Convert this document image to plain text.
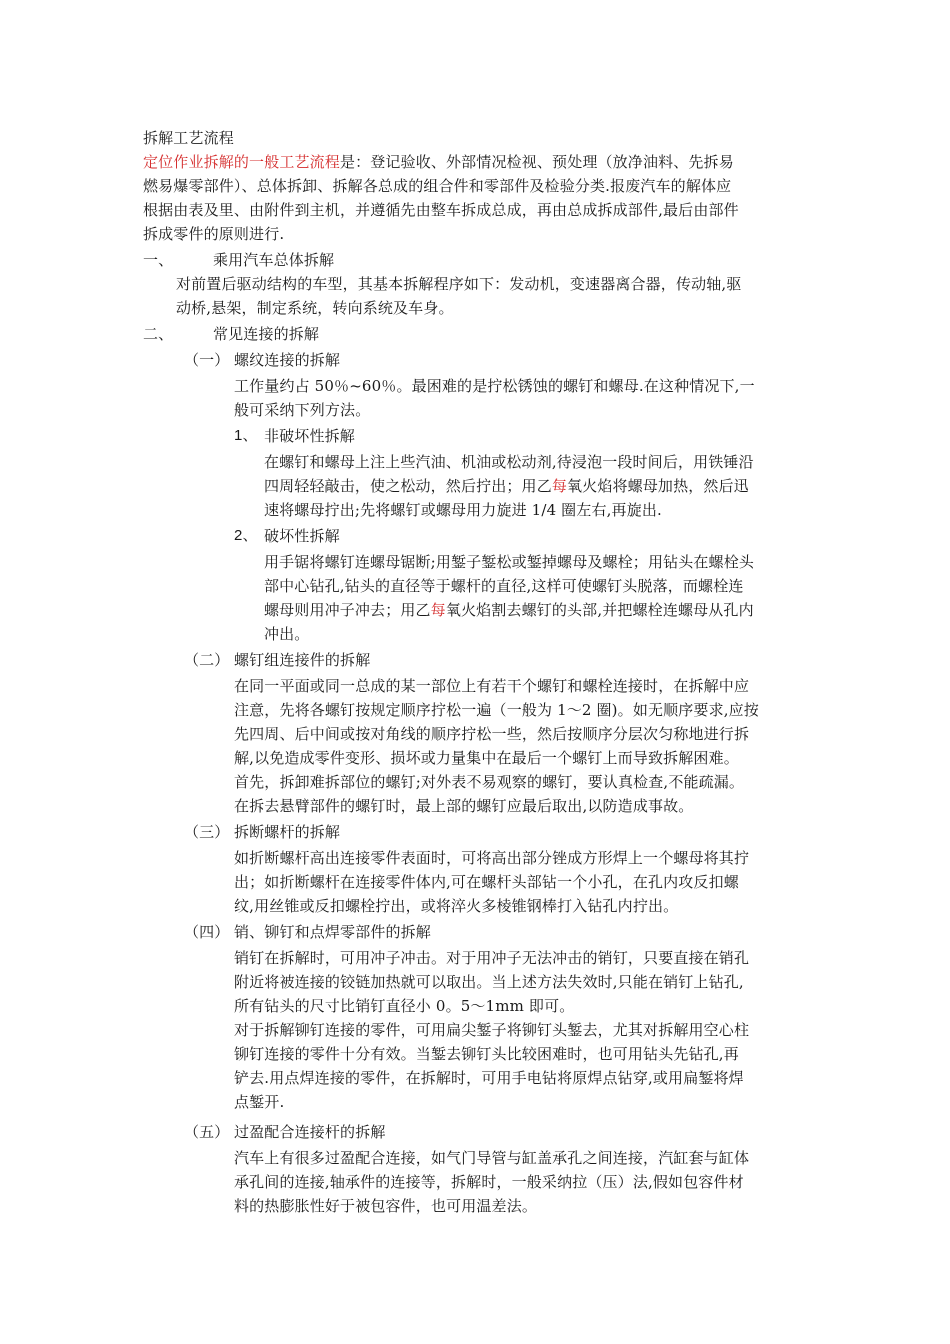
拆解工艺流程
定位作业拆解的一般工艺流程是：登记验收、外部情况检视、预处理（放净油料、先拆易
燃易爆零部件）、总体拆卸、拆解各总成的组合件和零部件及检验分类.报废汽车的解体应
根据由表及里、由附件到主机，并遵循先由整车拆成总成，再由总成拆成部件,最后由部件
拆成零件的原则进行.
一、	乘用汽车总体拆解
对前置后驱动结构的车型，其基本拆解程序如下：发动机，变速器离合器，传动轴,驱
动桥,悬架，制定系统，转向系统及车身。
二、	常见连接的拆解
（一） 螺纹连接的拆解
工作量约占 50％~60％。最困难的是拧松锈蚀的螺钉和螺母.在这种情况下,一
般可采纳下列方法。
1、 非破坏性拆解
在螺钉和螺母上注上些汽油、机油或松动剂,待浸泡一段时间后，用铁锤沿
四周轻轻敲击，使之松动，然后拧出；用乙每氧火焰将螺母加热，然后迅
速将螺母拧出;先将螺钉或螺母用力旋进 1/4 圈左右,再旋出.
2、 破坏性拆解
用手锯将螺钉连螺母锯断;用錾子錾松或錾掉螺母及螺栓；用钻头在螺栓头
部中心钻孔,钻头的直径等于螺杆的直径,这样可使螺钉头脱落，而螺栓连
螺母则用冲子冲去；用乙每氧火焰割去螺钉的头部,并把螺栓连螺母从孔内
冲出。
（二） 螺钉组连接件的拆解
在同一平面或同一总成的某一部位上有若干个螺钉和螺栓连接时，在拆解中应
注意，先将各螺钉按规定顺序拧松一遍（一般为 1～2 圈)。如无顺序要求,应按
先四周、后中间或按对角线的顺序拧松一些，然后按顺序分层次匀称地进行拆
解,以免造成零件变形、损坏或力量集中在最后一个螺钉上而导致拆解困难。
首先，拆卸难拆部位的螺钉;对外表不易观察的螺钉，要认真检查,不能疏漏。
在拆去悬臂部件的螺钉时，最上部的螺钉应最后取出,以防造成事故。
（三） 拆断螺杆的拆解
如折断螺杆高出连接零件表面时，可将高出部分锉成方形焊上一个螺母将其拧
出；如折断螺杆在连接零件体内,可在螺杆头部钻一个小孔，在孔内攻反扣螺
纹,用丝锥或反扣螺栓拧出，或将淬火多棱锥钢棒打入钻孔内拧出。
（四） 销、铆钉和点焊零部件的拆解
销钉在拆解时，可用冲子冲击。对于用冲子无法冲击的销钉，只要直接在销孔
附近将被连接的铰链加热就可以取出。当上述方法失效时,只能在销钉上钻孔,
所有钻头的尺寸比销钉直径小 0。5～1mm 即可。
对于拆解铆钉连接的零件，可用扁尖錾子将铆钉头錾去，尤其对拆解用空心柱
铆钉连接的零件十分有效。当錾去铆钉头比较困难时，也可用钻头先钻孔,再
铲去.用点焊连接的零件，在拆解时，可用手电钻将原焊点钻穿,或用扁錾将焊
点錾开.
（五） 过盈配合连接杆的拆解
汽车上有很多过盈配合连接，如气门导管与缸盖承孔之间连接，汽缸套与缸体
承孔间的连接,轴承件的连接等，拆解时，一般采纳拉（压）法,假如包容件材
料的热膨胀性好于被包容件，也可用温差法。
